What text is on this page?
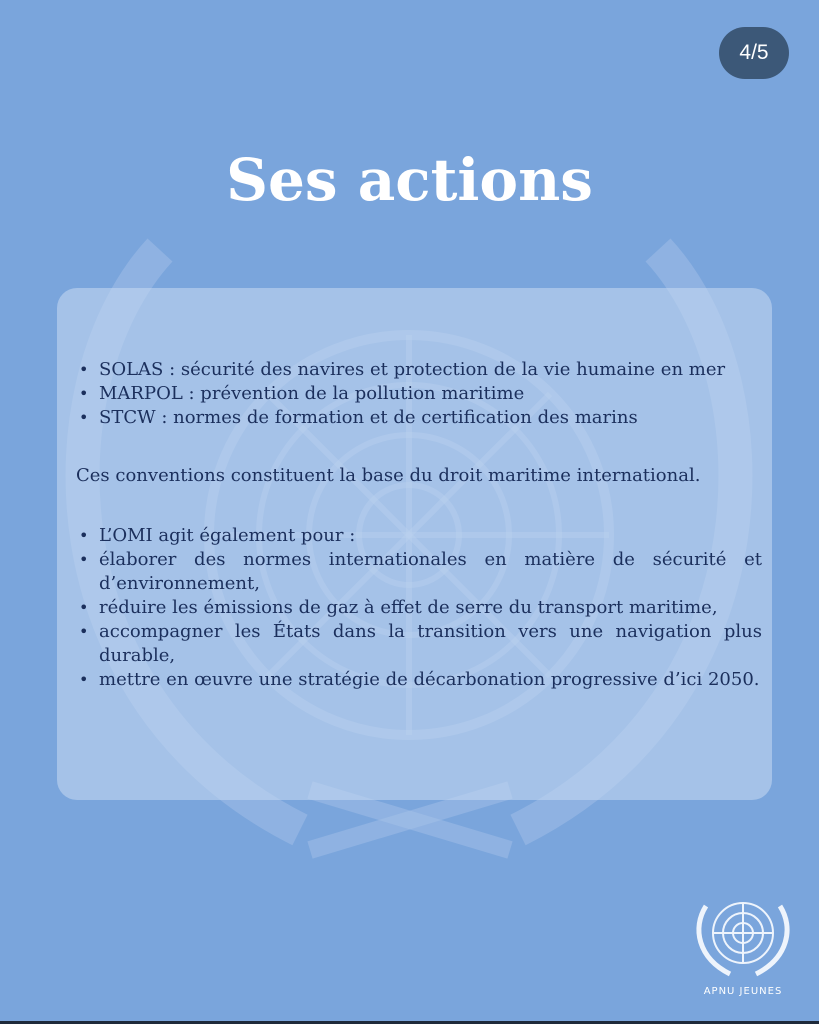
4/5
Ses actions
• SOLAS : sécurité des navires et protection de la vie humaine en mer
• MARPOL : prévention de la pollution maritime
• STCW : normes de formation et de certification des marins

Ces conventions constituent la base du droit maritime international.

• L’OMI agit également pour :
• élaborer des normes internationales en matière de sécurité et d’environnement,
• réduire les émissions de gaz à effet de serre du transport maritime,
• accompagner les États dans la transition vers une navigation plus durable,
• mettre en œuvre une stratégie de décarbonation progressive d’ici 2050.
APNU JEUNES
